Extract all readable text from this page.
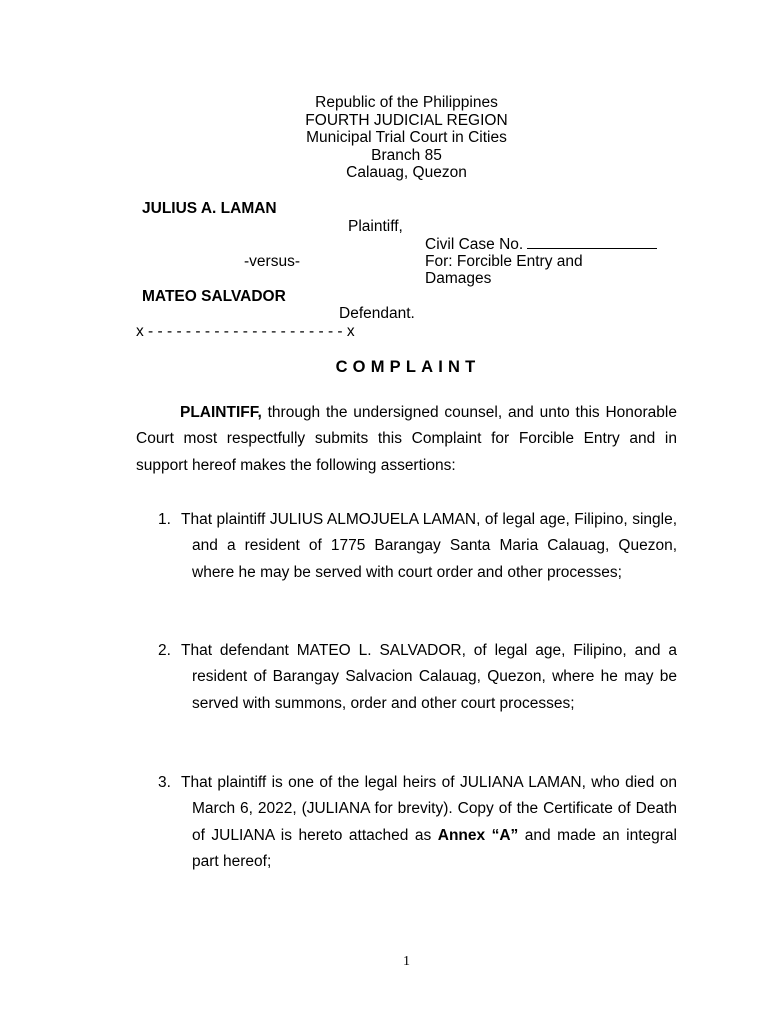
Republic of the Philippines
FOURTH JUDICIAL REGION
Municipal Trial Court in Cities
Branch 85
Calauag, Quezon
JULIUS A. LAMAN
Plaintiff,
Civil Case No.
-versus-	For: Forcible Entry and
Damages
MATEO SALVADOR
Defendant.
x - - - - - - - - - - - - - - - - - - - - - x
COMPLAINT
PLAINTIFF, through the undersigned counsel, and unto this Honorable Court most respectfully submits this Complaint for Forcible Entry and in support hereof makes the following assertions:
1. That plaintiff JULIUS ALMOJUELA LAMAN, of legal age, Filipino, single, and a resident of 1775 Barangay Santa Maria Calauag, Quezon, where he may be served with court order and other processes;
2. That defendant MATEO L. SALVADOR, of legal age, Filipino, and a resident of Barangay Salvacion Calauag, Quezon, where he may be served with summons, order and other court processes;
3. That plaintiff is one of the legal heirs of JULIANA LAMAN, who died on March 6, 2022, (JULIANA for brevity). Copy of the Certificate of Death of JULIANA is hereto attached as Annex “A” and made an integral part hereof;
1
